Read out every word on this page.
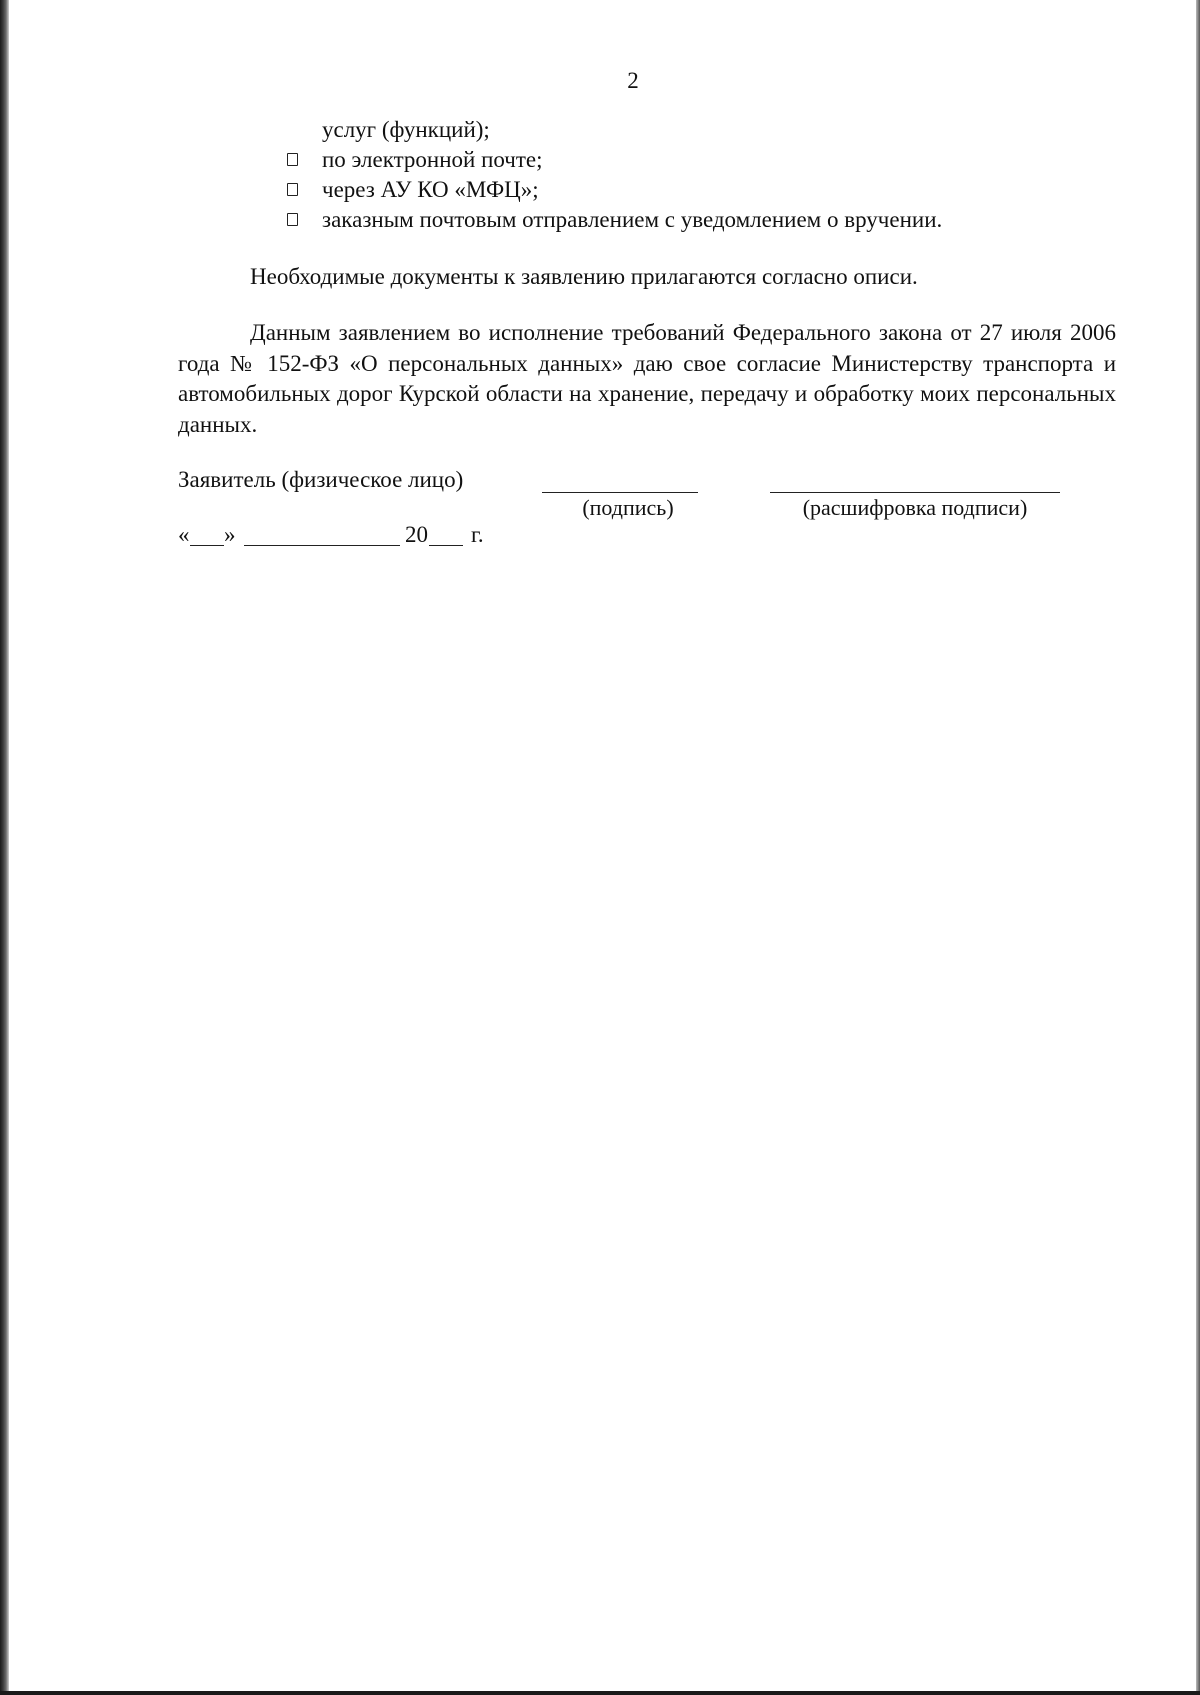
2
услуг (функций);
по электронной почте;
через АУ КО «МФЦ»;
заказным почтовым отправлением с уведомлением о вручении.
Необходимые документы к заявлению прилагаются согласно описи.
Данным заявлением во исполнение требований Федерального закона от 27 июля 2006 года № 152-ФЗ «О персональных данных» даю свое согласие Министерству транспорта и автомобильных дорог Курской области на хранение, передачу и обработку моих персональных данных.
Заявитель (физическое лицо)
(подпись)	(расшифровка подписи)
« »	20 г.
